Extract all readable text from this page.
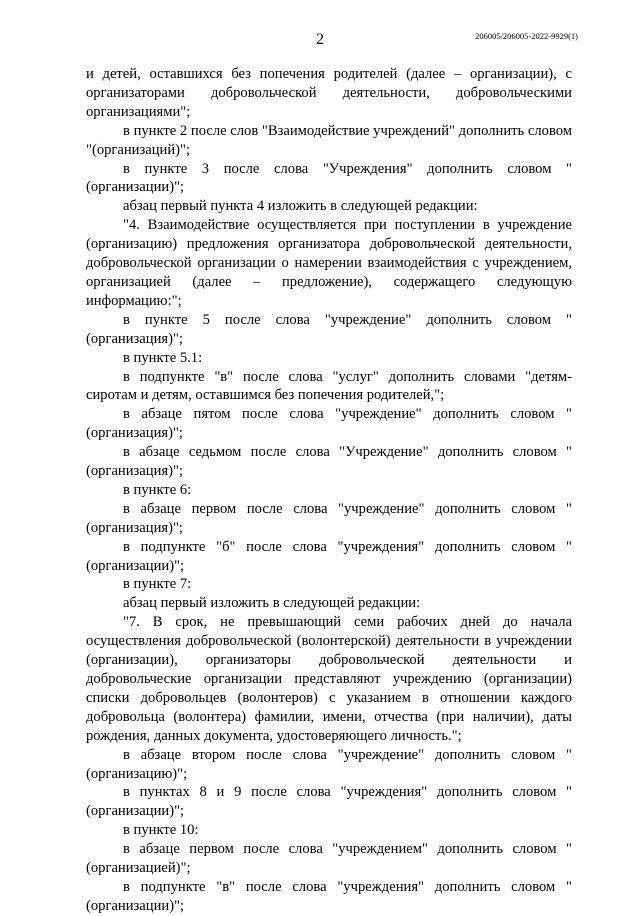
2	206005/206005-2022-9929(1)

и детей, оставшихся без попечения родителей (далее – организации), с организаторами добровольческой деятельности, добровольческими организациями";

в пункте 2 после слов "Взаимодействие учреждений" дополнить словом "(организаций)";

в пункте 3 после слова "Учреждения" дополнить словом "(организации)";

абзац первый пункта 4 изложить в следующей редакции:

"4. Взаимодействие осуществляется при поступлении в учреждение (организацию) предложения организатора добровольческой деятельности, добровольческой организации о намерении взаимодействия с учреждением, организацией (далее – предложение), содержащего следующую информацию:";

в пункте 5 после слова "учреждение" дополнить словом "(организация)";

в пункте 5.1:

в подпункте "в" после слова "услуг" дополнить словами "детям-сиротам и детям, оставшимся без попечения родителей,";

в абзаце пятом после слова "учреждение" дополнить словом "(организация)";

в абзаце седьмом после слова "Учреждение" дополнить словом "(организация)";

в пункте 6:

в абзаце первом после слова "учреждение" дополнить словом "(организация)";

в подпункте "б" после слова "учреждения" дополнить словом "(организации)";

в пункте 7:

абзац первый изложить в следующей редакции:

"7. В срок, не превышающий семи рабочих дней до начала осуществления добровольческой (волонтерской) деятельности в учреждении (организации), организаторы добровольческой деятельности и добровольческие организации представляют учреждению (организации) списки добровольцев (волонтеров) с указанием в отношении каждого добровольца (волонтера) фамилии, имени, отчества (при наличии), даты рождения, данных документа, удостоверяющего личность.";

в абзаце втором после слова "учреждение" дополнить словом "(организацию)";

в пунктах 8 и 9 после слова "учреждения" дополнить словом "(организации)";

в пункте 10:

в абзаце первом после слова "учреждением" дополнить словом "(организацией)";

в подпункте "в" после слова "учреждения" дополнить словом "(организации)";
